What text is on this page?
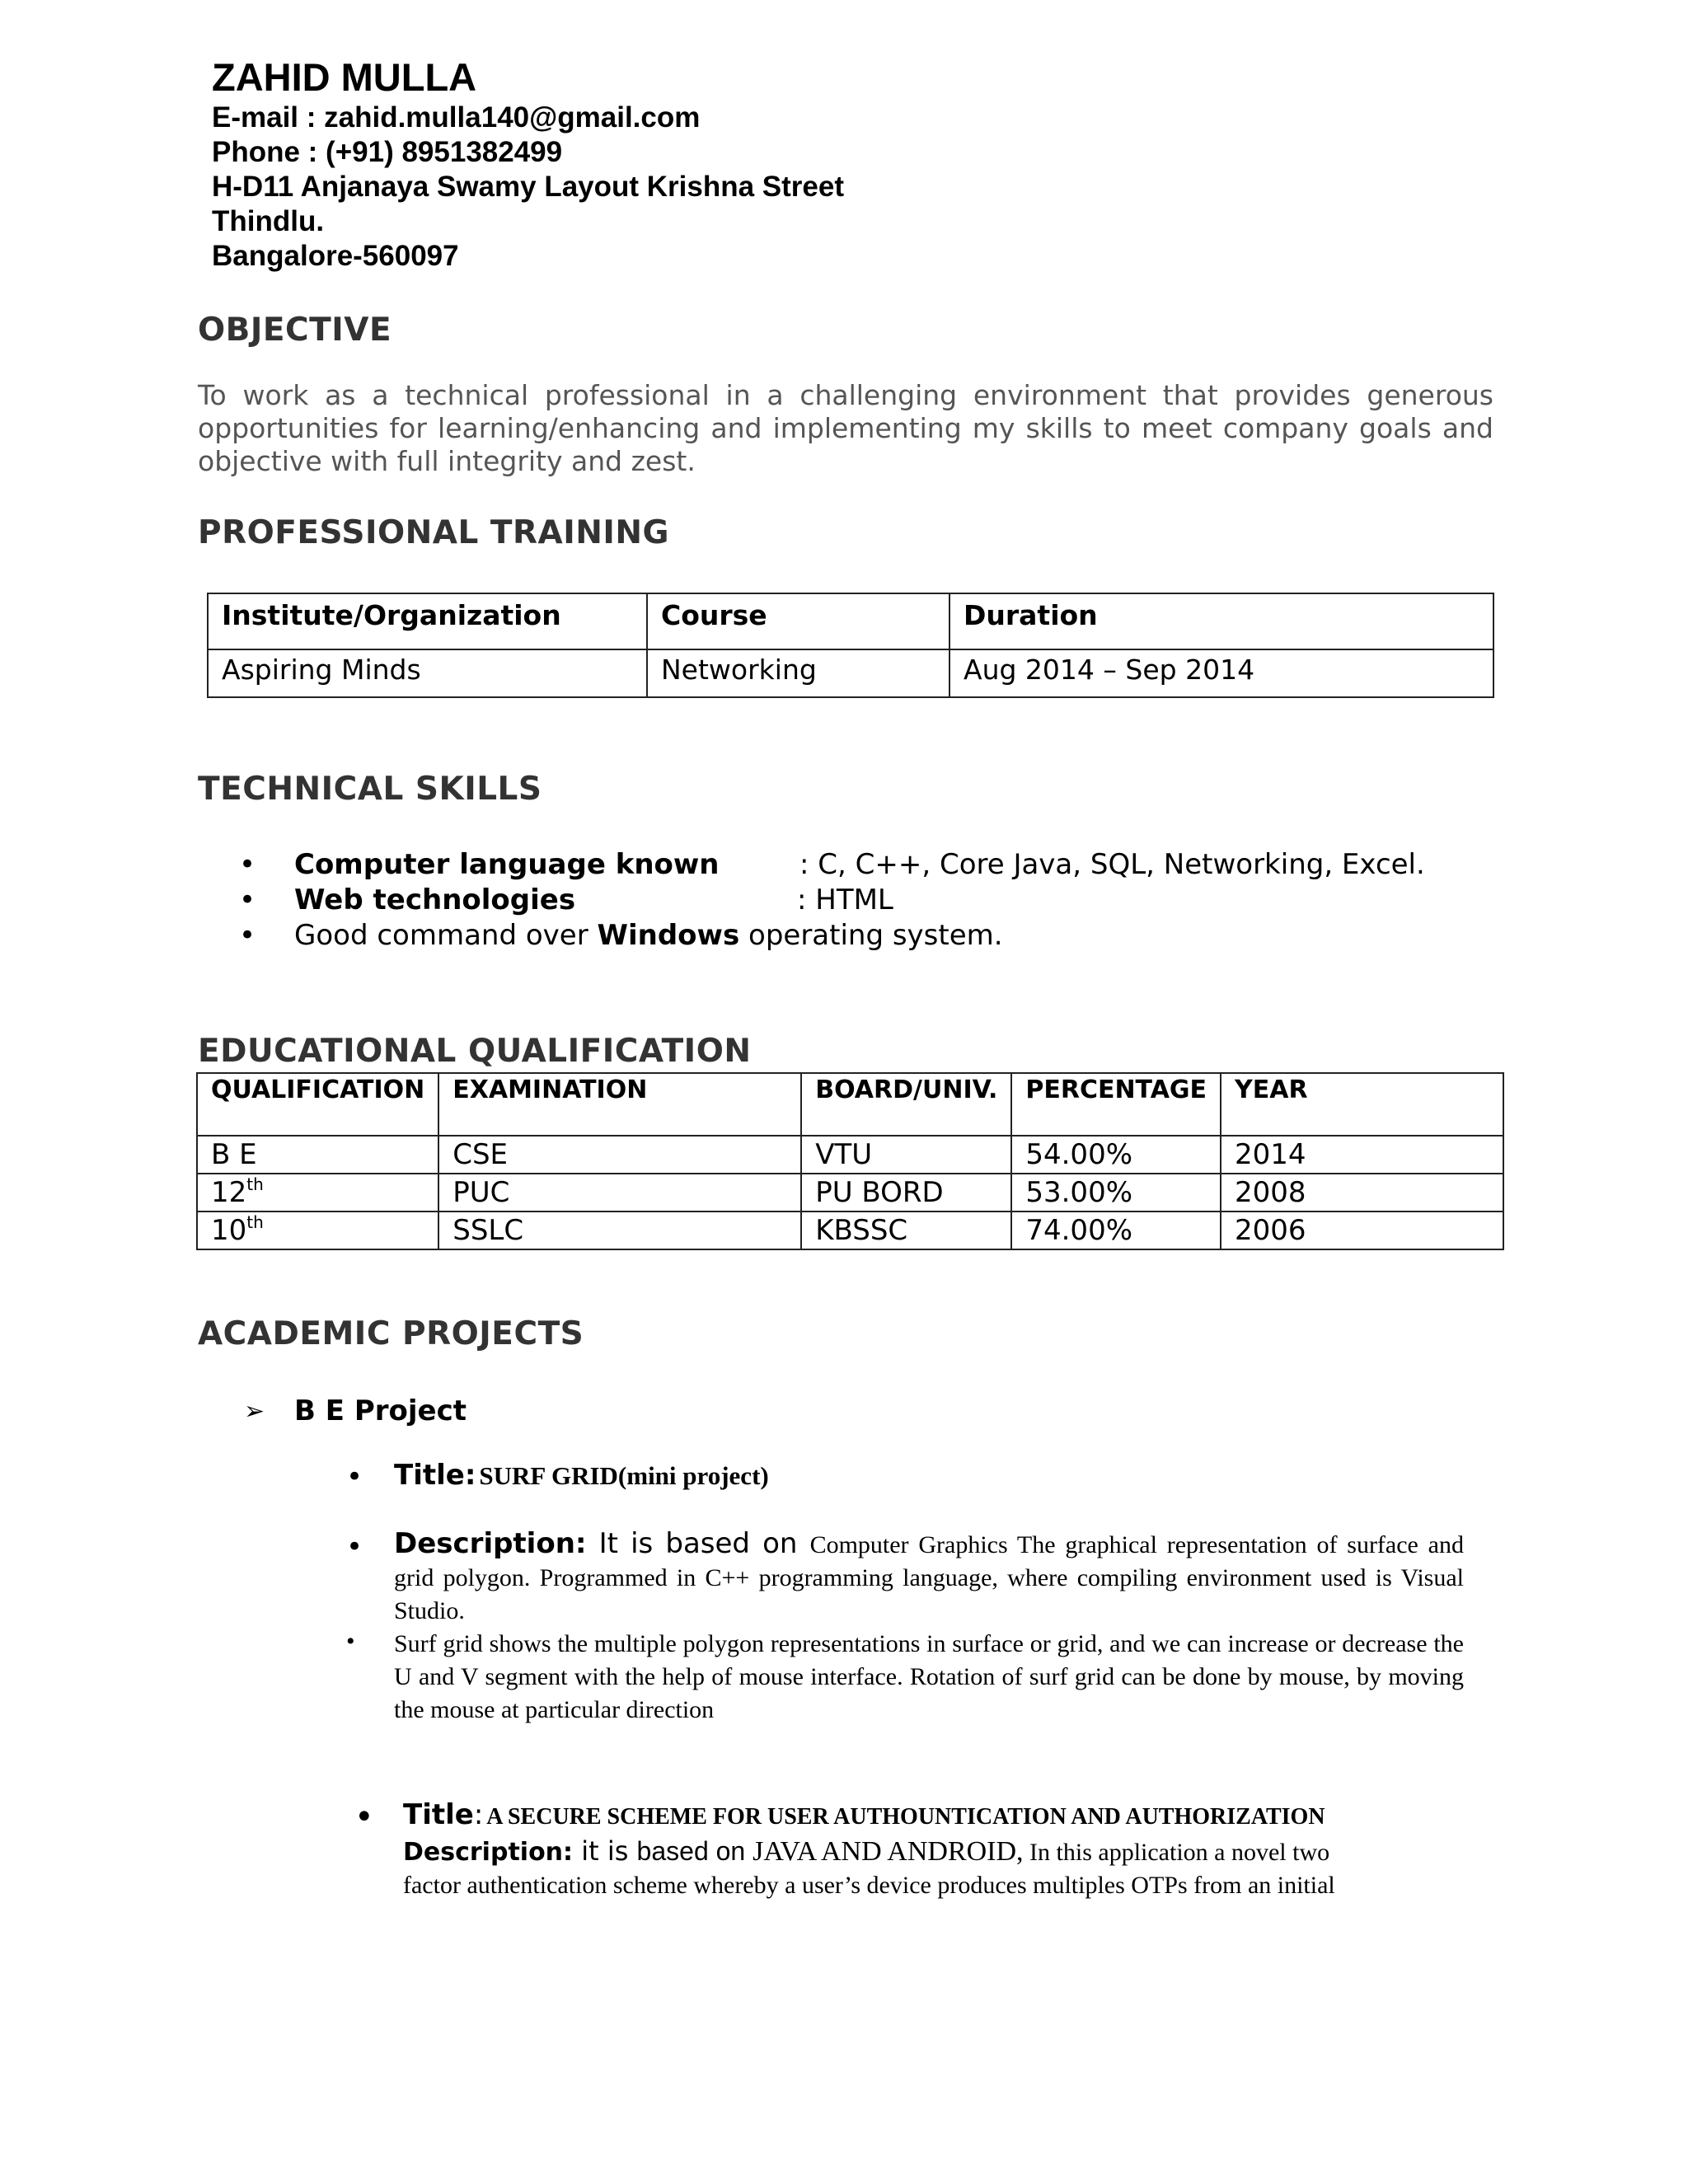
ZAHID MULLA
E-mail : zahid.mulla140@gmail.com
Phone : (+91) 8951382499
H-D11 Anjanaya Swamy Layout Krishna Street
Thindlu.
Bangalore-560097
OBJECTIVE
To work as a technical professional in a challenging environment that provides generous opportunities for learning/enhancing and implementing my skills to meet company goals and objective with full integrity and zest.
PROFESSIONAL TRAINING
Institute/Organization	Course	Duration
Aspiring Minds	Networking	Aug 2014 – Sep 2014
TECHNICAL SKILLS
• Computer language known	: C, C++, Core Java, SQL, Networking, Excel.
• Web technologies	: HTML
• Good command over Windows operating system.
EDUCATIONAL QUALIFICATION
QUALIFICATION	EXAMINATION	BOARD/UNIV.	PERCENTAGE	YEAR
B E	CSE	VTU	54.00%	2014
12th	PUC	PU BORD	53.00%	2008
10th	SSLC	KBSSC	74.00%	2006
ACADEMIC PROJECTS
➢ B E Project
• Title: SURF GRID(mini project)
• Description: It is based on Computer Graphics The graphical representation of surface and grid polygon. Programmed in C++ programming language, where compiling environment used is Visual Studio.
• Surf grid shows the multiple polygon representations in surface or grid, and we can increase or decrease the U and V segment with the help of mouse interface. Rotation of surf grid can be done by mouse, by moving the mouse at particular direction
• Title: A SECURE SCHEME FOR USER AUTHOUNTICATION AND AUTHORIZATION
Description: it is based on JAVA AND ANDROID, In this application a novel two
factor authentication scheme whereby a user’s device produces multiples OTPs from an initial
